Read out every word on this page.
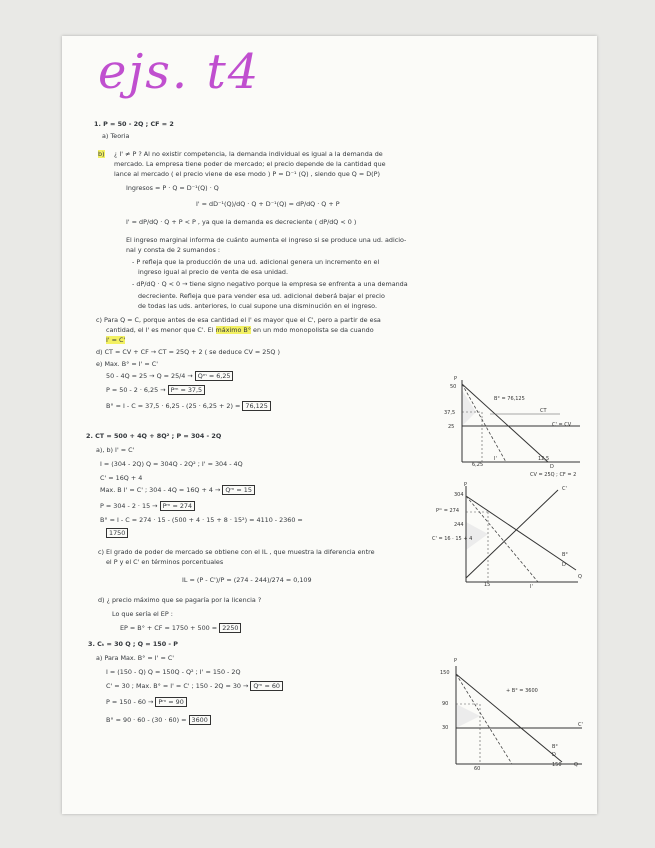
ejs. t4
1. P = 50 - 2Q ; CF = 2
a) Teoria
b) ¿ I' ≠ P ? Al no existir competencia, la demanda individual es igual a la demanda de
mercado. La empresa tiene poder de mercado; el precio depende de la cantidad que
lance al mercado ( el precio viene de ese modo ) P = D⁻¹ (Q) , siendo que Q = D(P)
Ingresos = P · Q = D⁻¹(Q) · Q
I' = dD⁻¹(Q)/dQ · Q + D⁻¹(Q) = dP/dQ · Q + P
I' = dP/dQ · Q + P < P , ya que la demanda es decreciente ( dP/dQ < 0 )
El ingreso marginal informa de cuánto aumenta el ingreso si se produce una ud. adicio-
nal y consta de 2 sumandos :
- P refleja que la producción de una ud. adicional genera un incremento en el
ingreso igual al precio de venta de esa unidad.
- dP/dQ · Q < 0 → tiene signo negativo porque la empresa se enfrenta a una demanda
decreciente. Refleja que para vender esa ud. adicional deberá bajar el precio
de todas las uds. anteriores, lo cual supone una disminución en el ingreso.
c) Para Q = C, porque antes de esa cantidad el I' es mayor que el C', pero a partir de esa
cantidad, el I' es menor que C'. El máximo B° en un mdo monopolista se da cuando
I' = C'
d) CT = CV + CF → CT = 25Q + 2 ( se deduce CV = 25Q )
e) Max. B° = I' = C'
50 - 4Q = 25 → Q = 25/4 → Qᵐ = 6,25
P = 50 - 2 · 6,25 → Pᵐ = 37,5
B° = I - C = 37,5 · 6,25 - (25 · 6,25 + 2) = 76,125
2. CT = 500 + 4Q + 8Q² ; P = 304 - 2Q
a), b) I' = C'
I = (304 - 2Q) Q = 304Q - 2Q² ; I' = 304 - 4Q
C' = 16Q + 4
Max. B I' = C' ; 304 - 4Q = 16Q + 4 → Qᵐ = 15
P = 304 - 2 · 15 → Pᵐ = 274
B° = I - C = 274 · 15 - (500 + 4 · 15 + 8 · 15²) = 4110 - 2360 =
1750
c) El grado de poder de mercado se obtiene con el IL , que muestra la diferencia entre
el P y el C' en términos porcentuales
IL = (P - C')/P = (274 - 244)/274 = 0,109
d) ¿ precio máximo que se pagaría por la licencia ?
Lo que sería el EP :
EP = B° + CF = 1750 + 500 = 2250
3. Cₜ = 30 Q ; Q = 150 - P
a) Para Max. B° = I' = C'
I = (150 - Q) Q = 150Q - Q² ; I' = 150 - 2Q
C' = 30 ; Max. B° = I' = C' ; 150 - 2Q = 30 → Qᵐ = 60
P = 150 - 60 → Pᵐ = 90
B° = 90 · 60 - (30 · 60) = 3600
P
50
37,5
25
B° = 76,125
CT
C' = CV
6,25
I'	12,5
D
CV = 25Q ; CF = 2
P
304
Pᵐ = 274
244
C' = 16 · 15 + 4
C'
B°
D
15	I'
Q
P
150
90
30
+ B° = 3600
C'
B°
D
60
150 Q
